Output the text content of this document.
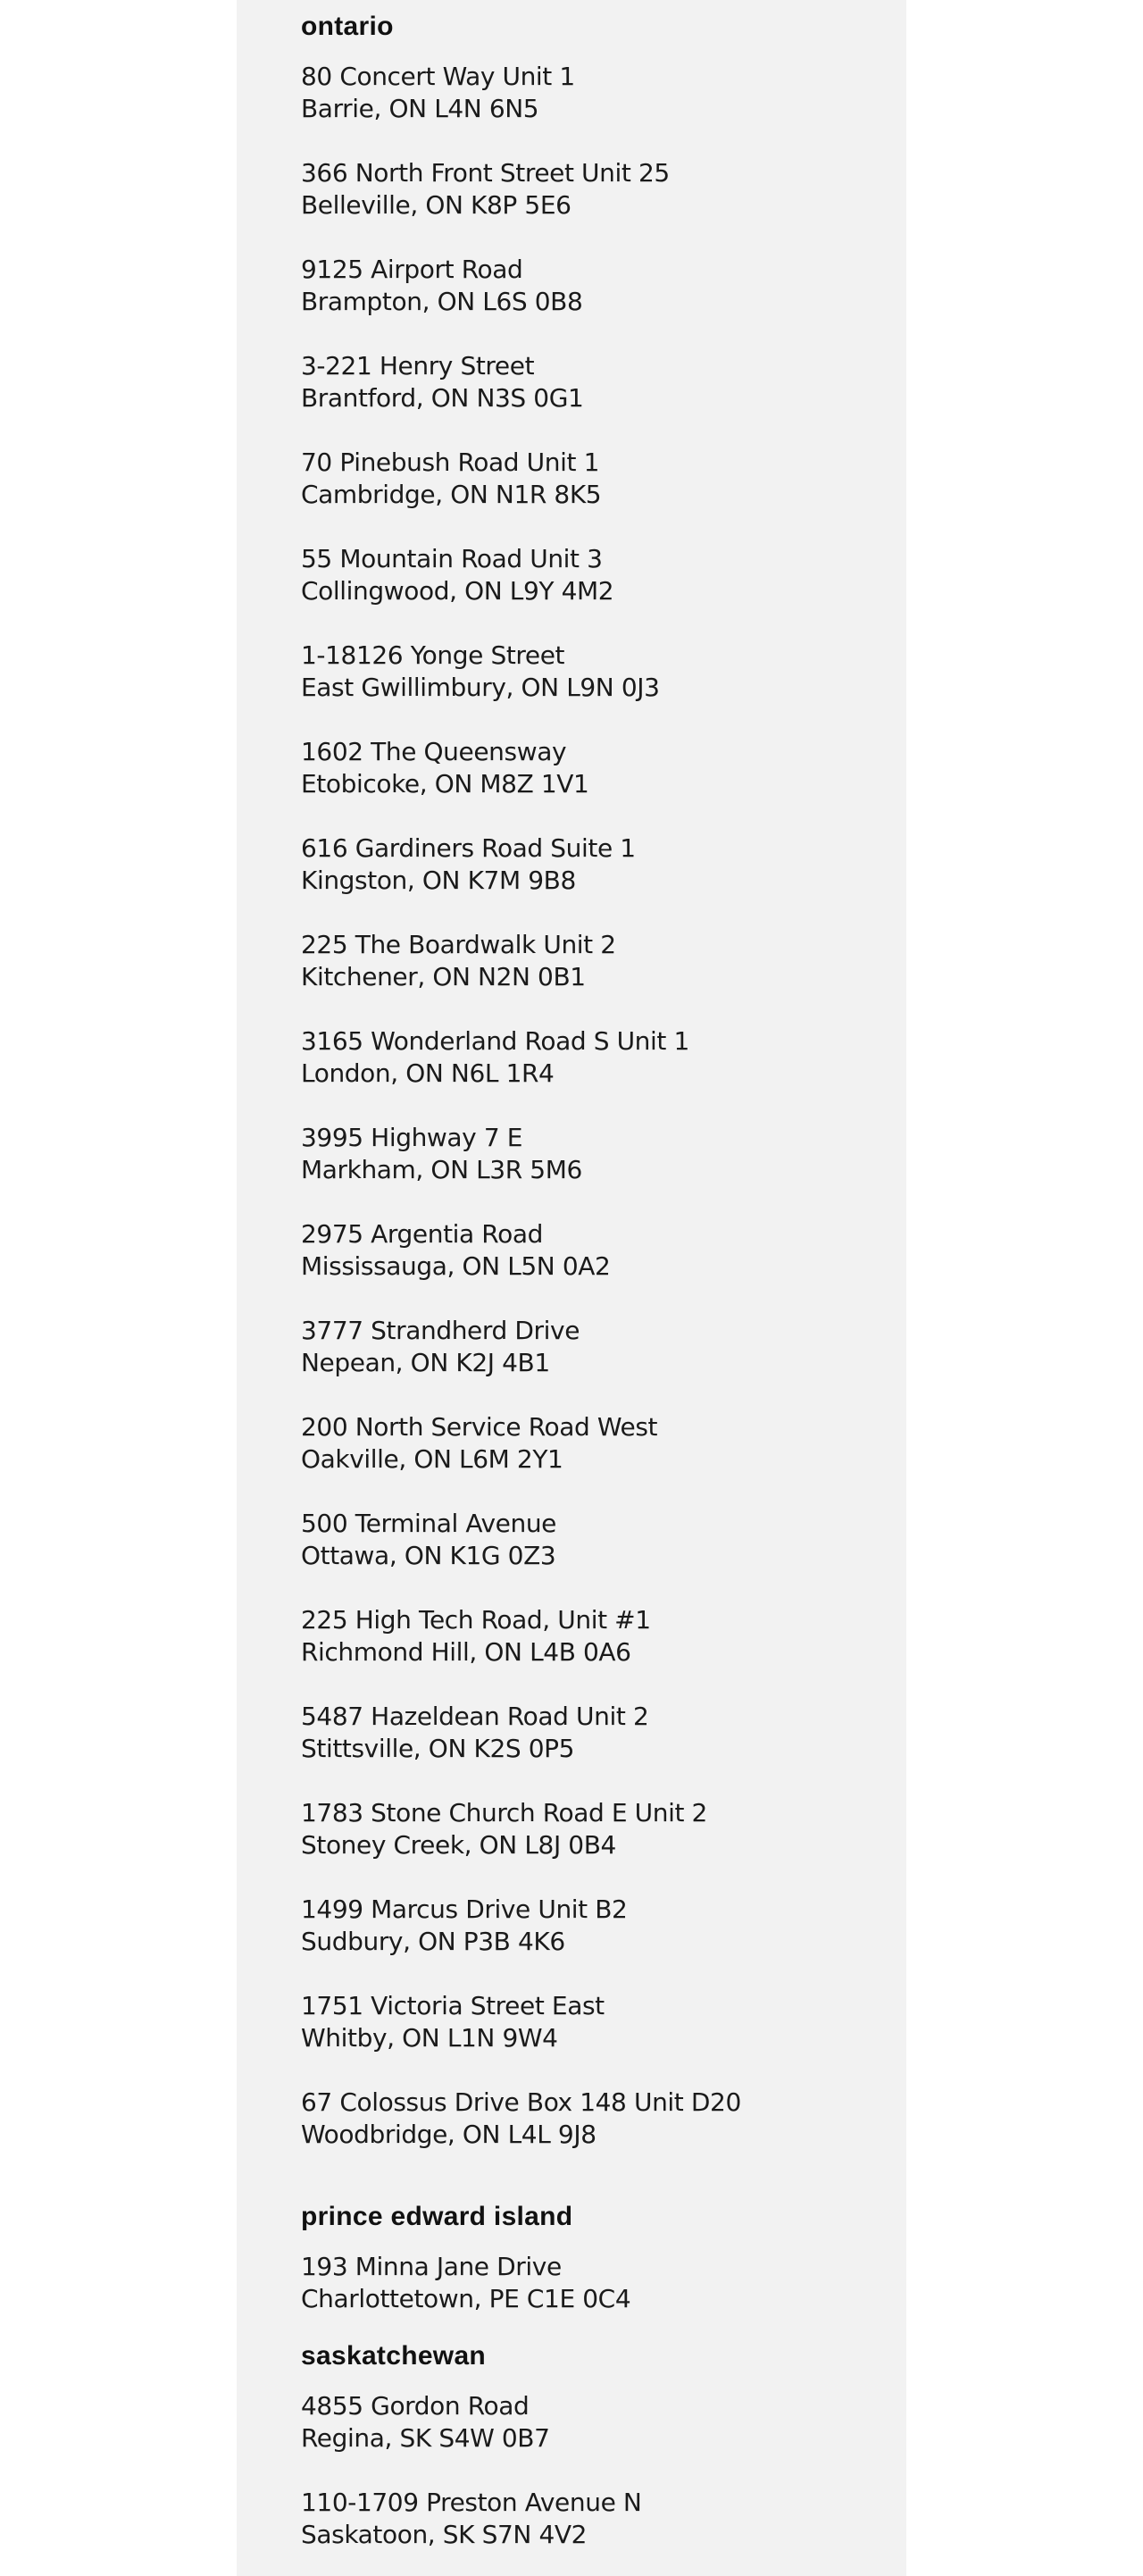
ontario
80 Concert Way Unit 1
Barrie, ON L4N 6N5
366 North Front Street Unit 25
Belleville, ON K8P 5E6
9125 Airport Road
Brampton, ON L6S 0B8
3-221 Henry Street
Brantford, ON N3S 0G1
70 Pinebush Road Unit 1
Cambridge, ON N1R 8K5
55 Mountain Road Unit 3
Collingwood, ON L9Y 4M2
1-18126 Yonge Street
East Gwillimbury, ON L9N 0J3
1602 The Queensway
Etobicoke, ON M8Z 1V1
616 Gardiners Road Suite 1
Kingston, ON K7M 9B8
225 The Boardwalk Unit 2
Kitchener, ON N2N 0B1
3165 Wonderland Road S Unit 1
London, ON N6L 1R4
3995 Highway 7 E
Markham, ON L3R 5M6
2975 Argentia Road
Mississauga, ON L5N 0A2
3777 Strandherd Drive
Nepean, ON K2J 4B1
200 North Service Road West
Oakville, ON L6M 2Y1
500 Terminal Avenue
Ottawa, ON K1G 0Z3
225 High Tech Road, Unit #1
Richmond Hill, ON L4B 0A6
5487 Hazeldean Road Unit 2
Stittsville, ON K2S 0P5
1783 Stone Church Road E Unit 2
Stoney Creek, ON L8J 0B4
1499 Marcus Drive Unit B2
Sudbury, ON P3B 4K6
1751 Victoria Street East
Whitby, ON L1N 9W4
67 Colossus Drive Box 148 Unit D20
Woodbridge, ON L4L 9J8
prince edward island
193 Minna Jane Drive
Charlottetown, PE C1E 0C4
saskatchewan
4855 Gordon Road
Regina, SK S4W 0B7
110-1709 Preston Avenue N
Saskatoon, SK S7N 4V2
